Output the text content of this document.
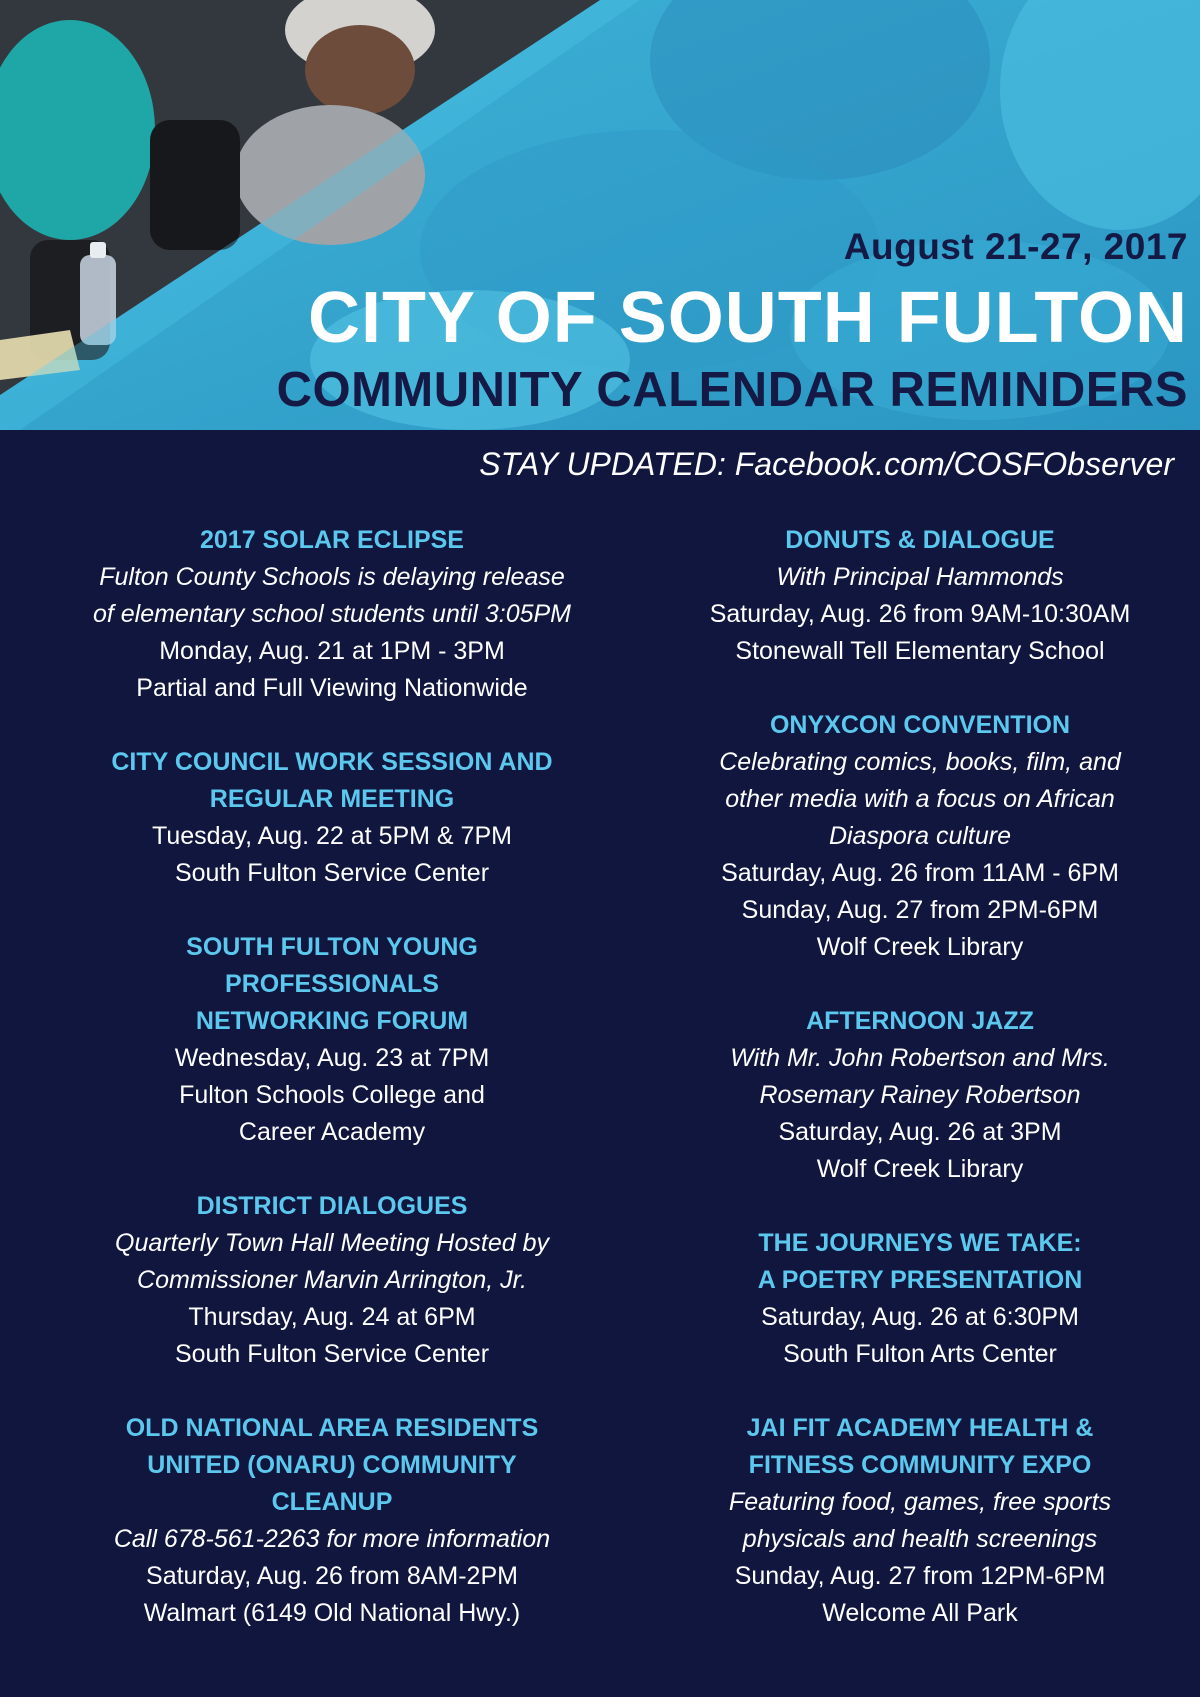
August 21-27, 2017
CITY OF SOUTH FULTON
COMMUNITY CALENDAR REMINDERS
STAY UPDATED: Facebook.com/COSFObserver
2017 SOLAR ECLIPSE
Fulton County Schools is delaying release
of elementary school students until 3:05PM
Monday, Aug. 21 at 1PM - 3PM
Partial and Full Viewing Nationwide
CITY COUNCIL WORK SESSION AND
REGULAR MEETING
Tuesday, Aug. 22 at 5PM & 7PM
South Fulton Service Center
SOUTH FULTON YOUNG
PROFESSIONALS
NETWORKING FORUM
Wednesday, Aug. 23 at 7PM
Fulton Schools College and
Career Academy
DISTRICT DIALOGUES
Quarterly Town Hall Meeting Hosted by
Commissioner Marvin Arrington, Jr.
Thursday, Aug. 24 at 6PM
South Fulton Service Center
OLD NATIONAL AREA RESIDENTS
UNITED (ONARU) COMMUNITY
CLEANUP
Call 678-561-2263 for more information
Saturday, Aug. 26 from 8AM-2PM
Walmart (6149 Old National Hwy.)
DONUTS & DIALOGUE
With Principal Hammonds
Saturday, Aug. 26 from 9AM-10:30AM
Stonewall Tell Elementary School
ONYXCON CONVENTION
Celebrating comics, books, film, and
other media with a focus on African
Diaspora culture
Saturday, Aug. 26 from 11AM - 6PM
Sunday, Aug. 27 from 2PM-6PM
Wolf Creek Library
AFTERNOON JAZZ
With Mr. John Robertson and Mrs.
Rosemary Rainey Robertson
Saturday, Aug. 26 at 3PM
Wolf Creek Library
THE JOURNEYS WE TAKE:
A POETRY PRESENTATION
Saturday, Aug. 26 at 6:30PM
South Fulton Arts Center
JAI FIT ACADEMY HEALTH &
FITNESS COMMUNITY EXPO
Featuring food, games, free sports
physicals and health screenings
Sunday, Aug. 27 from 12PM-6PM
Welcome All Park
